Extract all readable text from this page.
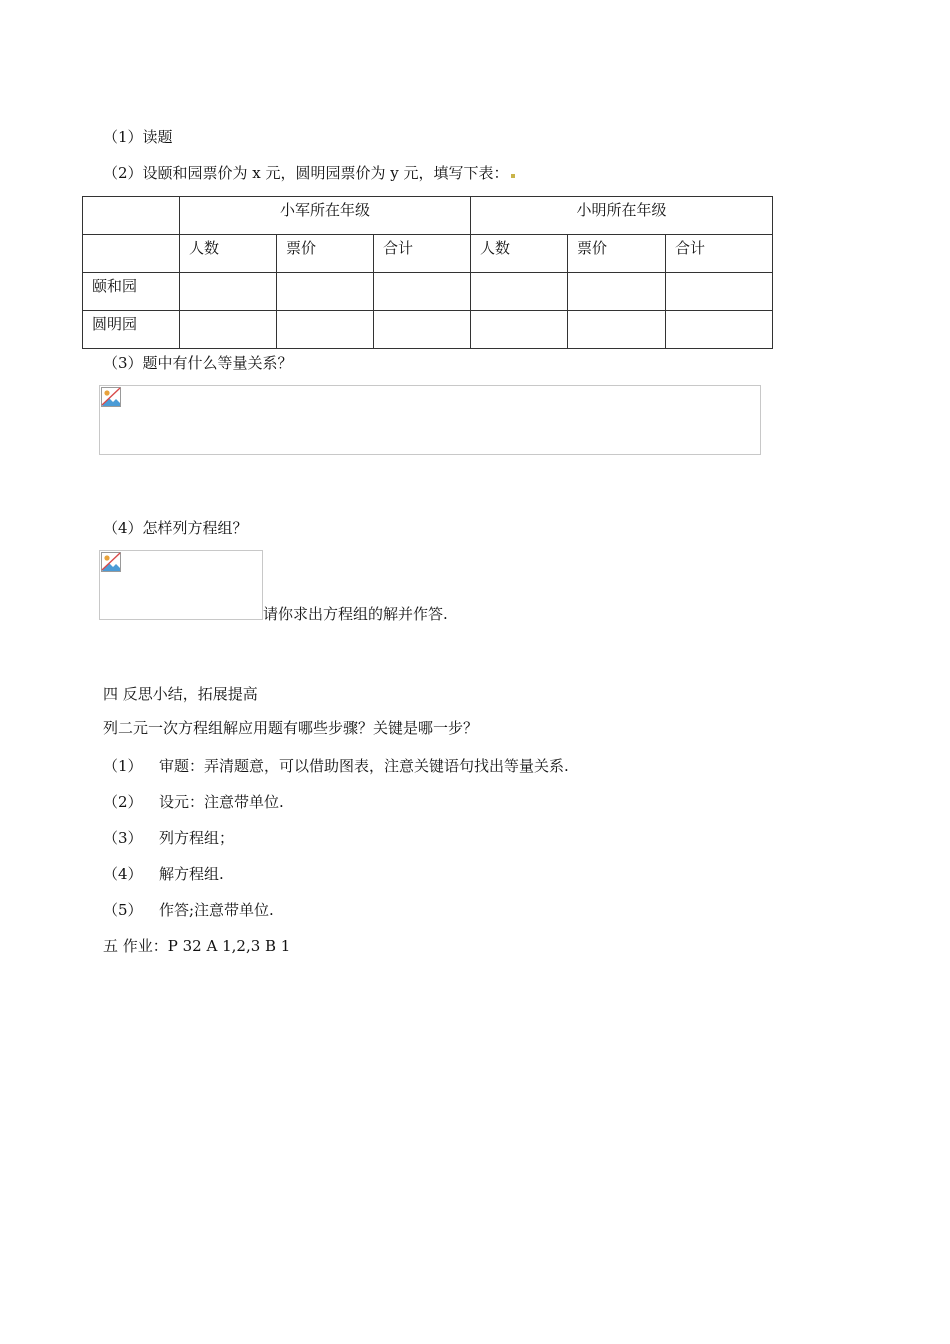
（1）读题
（2）设颐和园票价为 x 元，圆明园票价为 y 元，填写下表：
	小军所在年级			小明所在年级		
	人数	票价	合计	人数	票价	合计
颐和园						
圆明园						
（3）题中有什么等量关系？
（4）怎样列方程组？
请你求出方程组的解并作答.
四 反思小结，拓展提高
列二元一次方程组解应用题有哪些步骤？关键是哪一步？
（1） 审题：弄清题意，可以借助图表，注意关键语句找出等量关系.
（2） 设元：注意带单位.
（3） 列方程组；
（4） 解方程组.
（5） 作答;注意带单位.
五 作业：P 32 A 1,2,3 B 1
